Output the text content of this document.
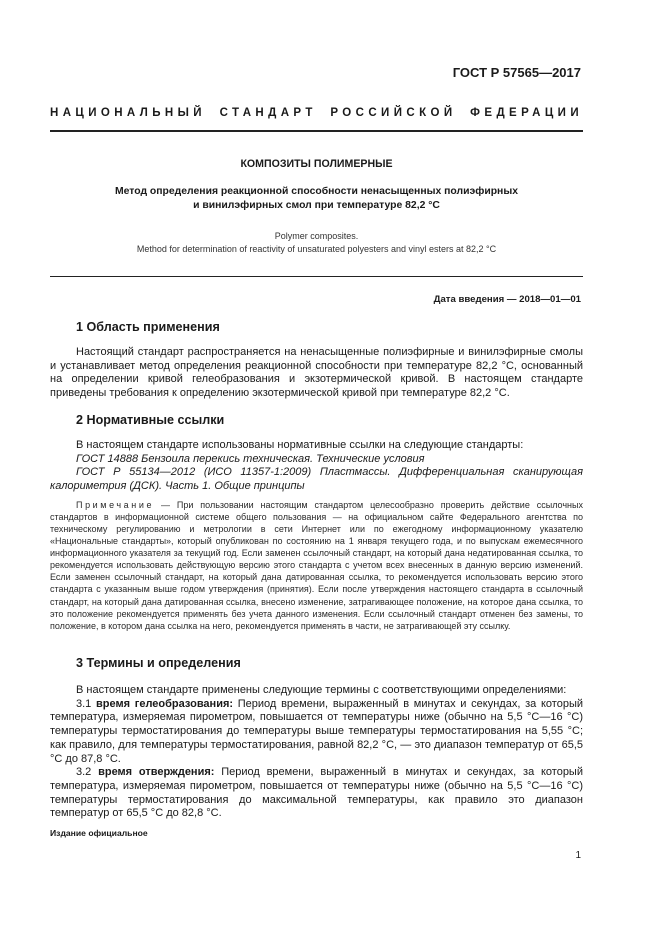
ГОСТ Р 57565—2017
НАЦИОНАЛЬНЫЙ СТАНДАРТ РОССИЙСКОЙ ФЕДЕРАЦИИ
КОМПОЗИТЫ ПОЛИМЕРНЫЕ
Метод определения реакционной способности ненасыщенных полиэфирных
и винилэфирных смол при температуре 82,2 °С
Polymer composites.
Method for determination of reactivity of unsaturated polyesters and vinyl esters at 82,2 °C
Дата введения — 2018—01—01
1 Область применения

Настоящий стандарт распространяется на ненасыщенные полиэфирные и винилэфирные смолы и устанавливает метод определения реакционной способности при температуре 82,2 °С, основанный на определении кривой гелеобразования и экзотермической кривой. В настоящем стандарте приведены требования к определению экзотермической кривой при температуре 82,2 °С.

2 Нормативные ссылки

В настоящем стандарте использованы нормативные ссылки на следующие стандарты:

ГОСТ 14888 Бензоила перекись техническая. Технические условия

ГОСТ Р 55134—2012 (ИСО 11357-1:2009) Пластмассы. Дифференциальная сканирующая калориметрия (ДСК). Часть 1. Общие принципы

Примечание — При пользовании настоящим стандартом целесообразно проверить действие ссылочных стандартов в информационной системе общего пользования — на официальном сайте Федерального агентства по техническому регулированию и метрологии в сети Интернет или по ежегодному информационному указателю «Национальные стандарты», который опубликован по состоянию на 1 января текущего года, и по выпускам ежемесячного информационного указателя за текущий год. Если заменен ссылочный стандарт, на который дана недатированная ссылка, то рекомендуется использовать действующую версию этого стандарта с учетом всех внесенных в данную версию изменений. Если заменен ссылочный стандарт, на который дана датированная ссылка, то рекомендуется использовать версию этого стандарта с указанным выше годом утверждения (принятия). Если после утверждения настоящего стандарта в ссылочный стандарт, на который дана датированная ссылка, внесено изменение, затрагивающее положение, на которое дана ссылка, то это положение рекомендуется применять без учета данного изменения. Если ссылочный стандарт отменен без замены, то положение, в котором дана ссылка на него, рекомендуется применять в части, не затрагивающей эту ссылку.

3 Термины и определения

В настоящем стандарте применены следующие термины с соответствующими определениями:

3.1 время гелеобразования: Период времени, выраженный в минутах и секундах, за который температура, измеряемая пирометром, повышается от температуры ниже (обычно на 5,5 °С—16 °С) температуры термостатирования до температуры выше температуры термостатирования на 5,55 °С; как правило, для температуры термостатирования, равной 82,2 °С, — это диапазон температур от 65,5 °С до 87,8 °С.

3.2 время отверждения: Период времени, выраженный в минутах и секундах, за который температура, измеряемая пирометром, повышается от температуры ниже (обычно на 5,5 °С—16 °С) температуры термостатирования до максимальной температуры, как правило это диапазон температур от 65,5 °С до 82,8 °С.

Издание официальное
1
